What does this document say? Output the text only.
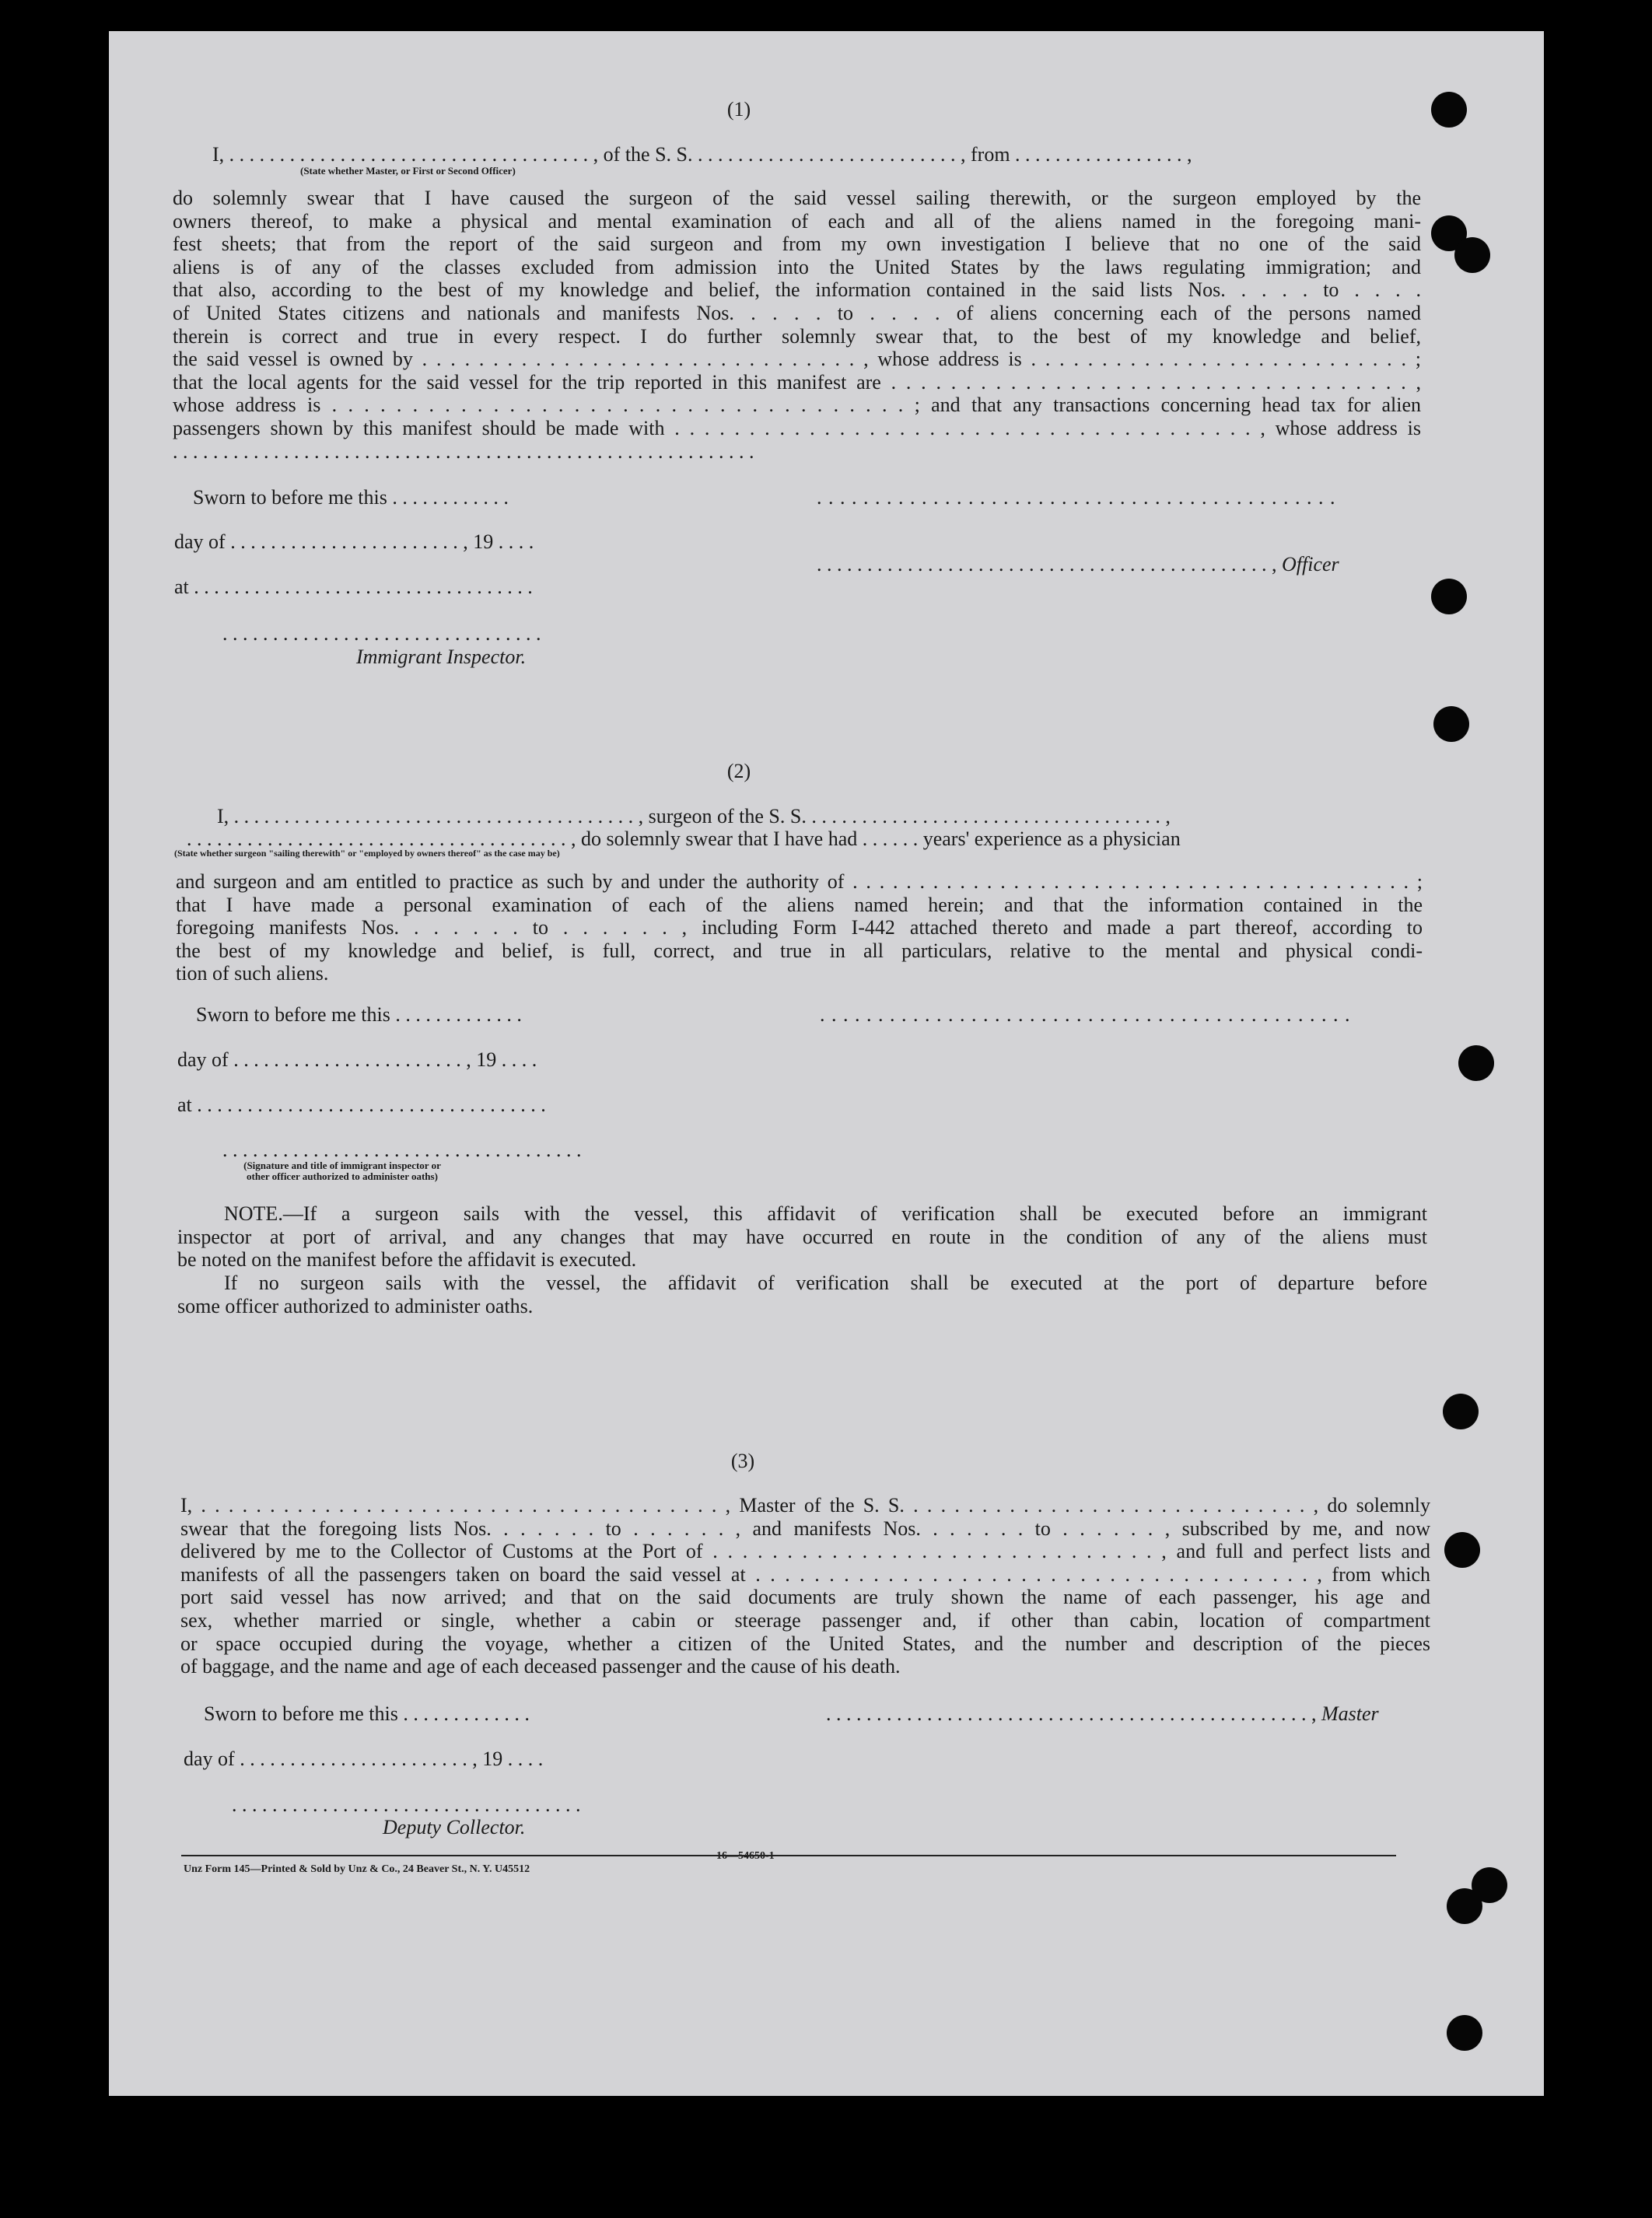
(1)

I, . . . . . . . . . . . . . . . . . . . . . . . . . . . . . . . . . . . . , of the S. S. . . . . . . . . . . . . . . . . . . . . . . . . . . , from . . . . . . . . . . . . . . . . . ,

(State whether Master, or First or Second Officer)

do solemnly swear that I have caused the surgeon of the said vessel sailing therewith, or the surgeon employed by the
owners thereof, to make a physical and mental examination of each and all of the aliens named in the foregoing mani-
fest sheets; that from the report of the said surgeon and from my own investigation I believe that no one of the said
aliens is of any of the classes excluded from admission into the United States by the laws regulating immigration; and
that also, according to the best of my knowledge and belief, the information contained in the said lists Nos. . . . . to . . . .
of United States citizens and nationals and manifests Nos. . . . . to . . . . of aliens concerning each of the persons named
therein is correct and true in every respect. I do further solemnly swear that, to the best of my knowledge and belief,
the said vessel is owned by . . . . . . . . . . . . . . . . . . . . . . . . . . . . . . . , whose address is . . . . . . . . . . . . . . . . . . . . . . . . . . . ;
that the local agents for the said vessel for the trip reported in this manifest are . . . . . . . . . . . . . . . . . . . . . . . . . . . . . . . . . . . ,
whose address is . . . . . . . . . . . . . . . . . . . . . . . . . . . . . . . . . . . . ; and that any transactions concerning head tax for alien
passengers shown by this manifest should be made with . . . . . . . . . . . . . . . . . . . . . . . . . . . . . . . . . . . . . . . , whose address is
. . . . . . . . . . . . . . . . . . . . . . . . . . . . . . . . . . . . . . . . . . . . . . . . . . . . . . . . . .

Sworn to before me this . . . . . . . . . . . .	. . . . . . . . . . . . . . . . . . . . . . . . . . . . . . . . . . . . . . . . . . . . .

day of . . . . . . . . . . . . . . . . . . . . . . . , 19 . . . .

. . . . . . . . . . . . . . . . . . . . . . . . . . . . . . . . . . . . . . . . . . . . . , Officer

at . . . . . . . . . . . . . . . . . . . . . . . . . . . . . . . . . .

. . . . . . . . . . . . . . . . . . . . . . . . . . . . . . . .

Immigrant Inspector.

(2)

I, . . . . . . . . . . . . . . . . . . . . . . . . . . . . . . . . . . . . . . . . , surgeon of the S. S. . . . . . . . . . . . . . . . . . . . . . . . . . . . . . . . . . . . ,

. . . . . . . . . . . . . . . . . . . . . . . . . . . . . . . . . . . . . . , do solemnly swear that I have had . . . . . . years' experience as a physician

(State whether surgeon "sailing therewith" or "employed by owners thereof" as the case may be)

and surgeon and am entitled to practice as such by and under the authority of . . . . . . . . . . . . . . . . . . . . . . . . . . . . . . . . . . . . . . . . . . ;
that I have made a personal examination of each of the aliens named herein; and that the information contained in the
foregoing manifests Nos. . . . . . . to . . . . . . , including Form I-442 attached thereto and made a part thereof, according to
the best of my knowledge and belief, is full, correct, and true in all particulars, relative to the mental and physical condi-
tion of such aliens.

Sworn to before me this . . . . . . . . . . . . .	. . . . . . . . . . . . . . . . . . . . . . . . . . . . . . . . . . . . . . . . . . . . . .

day of . . . . . . . . . . . . . . . . . . . . . . . , 19 . . . .

at . . . . . . . . . . . . . . . . . . . . . . . . . . . . . . . . . . .

. . . . . . . . . . . . . . . . . . . . . . . . . . . . . . . . . . . .

(Signature and title of immigrant inspector or

other officer authorized to administer oaths)

NOTE.—If a surgeon sails with the vessel, this affidavit of verification shall be executed before an immigrant
inspector at port of arrival, and any changes that may have occurred en route in the condition of any of the aliens must
be noted on the manifest before the affidavit is executed.
If no surgeon sails with the vessel, the affidavit of verification shall be executed at the port of departure before
some officer authorized to administer oaths.

(3)

I, . . . . . . . . . . . . . . . . . . . . . . . . . . . . . . . . . . . . . . , Master of the S. S. . . . . . . . . . . . . . . . . . . . . . . . . . . . . . , do solemnly
swear that the foregoing lists Nos. . . . . . . to . . . . . . , and manifests Nos. . . . . . . to . . . . . . , subscribed by me, and now
delivered by me to the Collector of Customs at the Port of . . . . . . . . . . . . . . . . . . . . . . . . . . . . . . , and full and perfect lists and
manifests of all the passengers taken on board the said vessel at . . . . . . . . . . . . . . . . . . . . . . . . . . . . . . . . . . . . . . , from which
port said vessel has now arrived; and that on the said documents are truly shown the name of each passenger, his age and
sex, whether married or single, whether a cabin or steerage passenger and, if other than cabin, location of compartment
or space occupied during the voyage, whether a citizen of the United States, and the number and description of the pieces
of baggage, and the name and age of each deceased passenger and the cause of his death.

Sworn to before me this . . . . . . . . . . . . .	. . . . . . . . . . . . . . . . . . . . . . . . . . . . . . . . . . . . . . . . . . . . . . . . , Master

day of . . . . . . . . . . . . . . . . . . . . . . . , 19 . . . .

. . . . . . . . . . . . . . . . . . . . . . . . . . . . . . . . . . .

Deputy Collector.

Unz Form 145—Printed & Sold by Unz & Co., 24 Beaver St., N. Y. U45512
